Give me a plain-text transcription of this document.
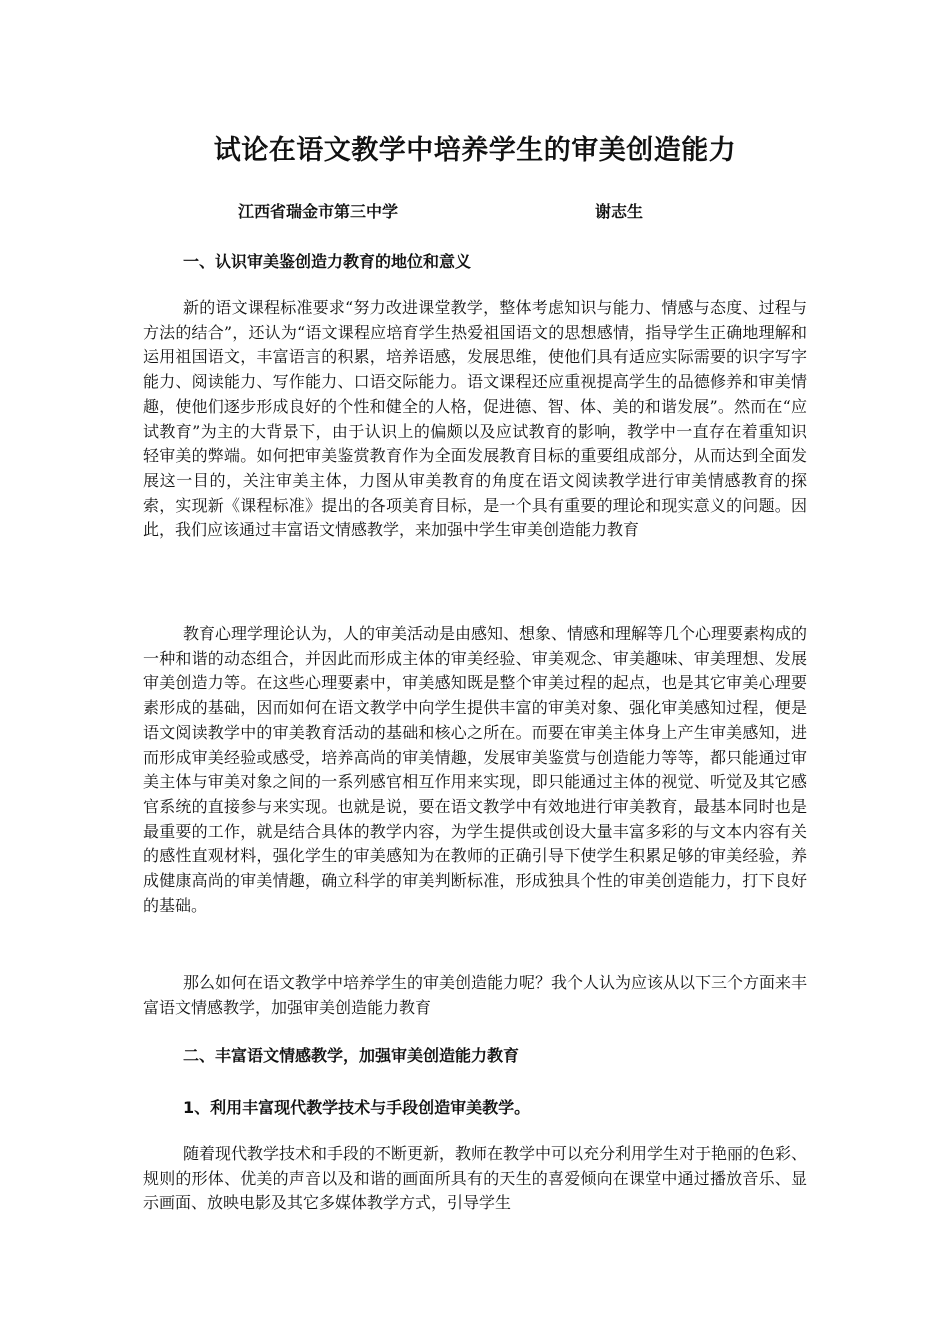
试论在语文教学中培养学生的审美创造能力
江西省瑞金市第三中学	谢志生
一、认识审美鉴创造力教育的地位和意义

新的语文课程标准要求“努力改进课堂教学，整体考虑知识与能力、情感与态度、过程与方法的结合”，还认为“语文课程应培育学生热爱祖国语文的思想感情，指导学生正确地理解和运用祖国语文，丰富语言的积累，培养语感，发展思维，使他们具有适应实际需要的识字写字能力、阅读能力、写作能力、口语交际能力。语文课程还应重视提高学生的品德修养和审美情趣，使他们逐步形成良好的个性和健全的人格，促进德、智、体、美的和谐发展”。然而在“应试教育”为主的大背景下，由于认识上的偏颇以及应试教育的影响，教学中一直存在着重知识轻审美的弊端。如何把审美鉴赏教育作为全面发展教育目标的重要组成部分，从而达到全面发展这一目的，关注审美主体，力图从审美教育的角度在语文阅读教学进行审美情感教育的探索，实现新《课程标准》提出的各项美育目标，是一个具有重要的理论和现实意义的问题。因此，我们应该通过丰富语文情感教学，来加强中学生审美创造能力教育

教育心理学理论认为，人的审美活动是由感知、想象、情感和理解等几个心理要素构成的一种和谐的动态组合，并因此而形成主体的审美经验、审美观念、审美趣味、审美理想、发展审美创造力等。在这些心理要素中，审美感知既是整个审美过程的起点，也是其它审美心理要素形成的基础，因而如何在语文教学中向学生提供丰富的审美对象、强化审美感知过程，便是语文阅读教学中的审美教育活动的基础和核心之所在。而要在审美主体身上产生审美感知，进而形成审美经验或感受，培养高尚的审美情趣，发展审美鉴赏与创造能力等等，都只能通过审美主体与审美对象之间的一系列感官相互作用来实现，即只能通过主体的视觉、听觉及其它感官系统的直接参与来实现。也就是说，要在语文教学中有效地进行审美教育，最基本同时也是最重要的工作，就是结合具体的教学内容，为学生提供或创设大量丰富多彩的与文本内容有关的感性直观材料，强化学生的审美感知为在教师的正确引导下使学生积累足够的审美经验，养成健康高尚的审美情趣，确立科学的审美判断标准，形成独具个性的审美创造能力，打下良好的基础。

那么如何在语文教学中培养学生的审美创造能力呢？我个人认为应该从以下三个方面来丰富语文情感教学，加强审美创造能力教育

二、丰富语文情感教学，加强审美创造能力教育
1、利用丰富现代教学技术与手段创造审美教学。

随着现代教学技术和手段的不断更新，教师在教学中可以充分利用学生对于艳丽的色彩、规则的形体、优美的声音以及和谐的画面所具有的天生的喜爱倾向在课堂中通过播放音乐、显示画面、放映电影及其它多媒体教学方式，引导学生
